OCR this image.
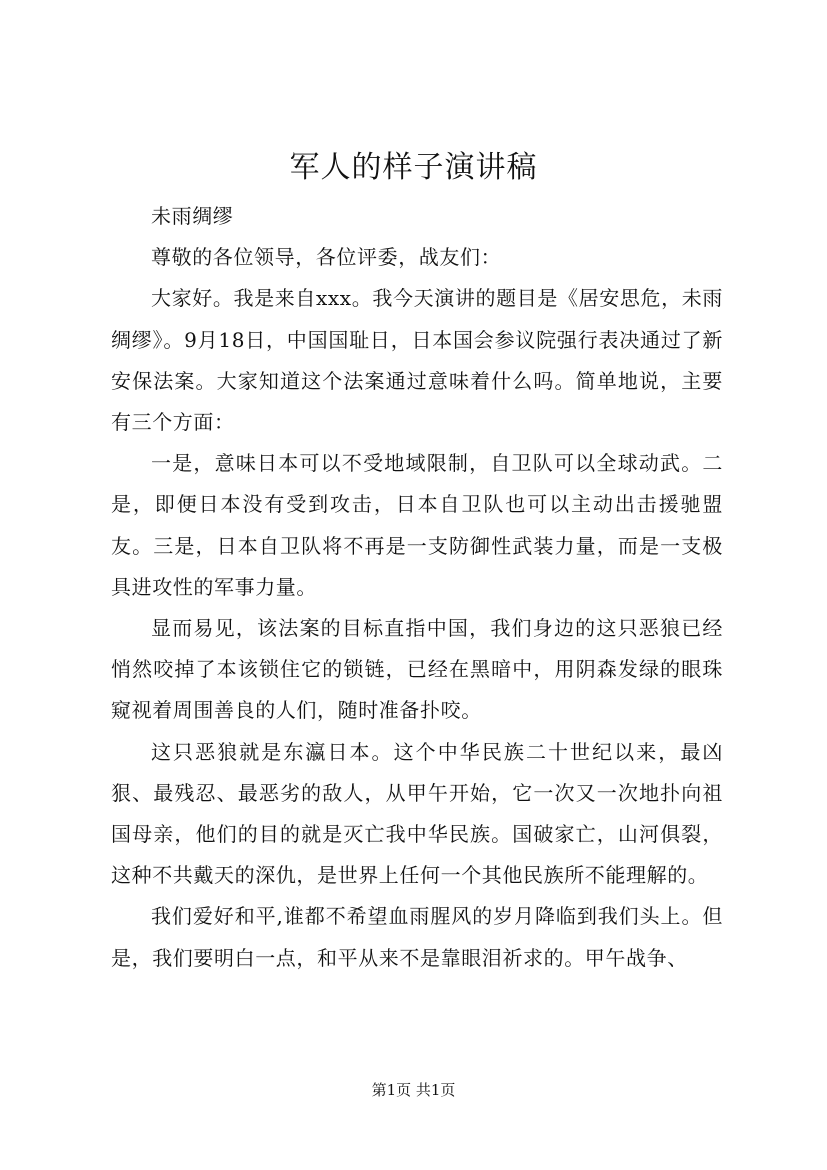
军人的样子演讲稿

未雨绸缪

尊敬的各位领导，各位评委，战友们：

大家好。我是来自xxx。我今天演讲的题目是《居安思危，未雨绸缪》。9月18日，中国国耻日，日本国会参议院强行表决通过了新安保法案。大家知道这个法案通过意味着什么吗。简单地说，主要有三个方面：

一是，意味日本可以不受地域限制，自卫队可以全球动武。二是，即便日本没有受到攻击，日本自卫队也可以主动出击援驰盟友。三是，日本自卫队将不再是一支防御性武装力量，而是一支极具进攻性的军事力量。

显而易见，该法案的目标直指中国，我们身边的这只恶狼已经悄然咬掉了本该锁住它的锁链，已经在黑暗中，用阴森发绿的眼珠窥视着周围善良的人们，随时准备扑咬。

这只恶狼就是东瀛日本。这个中华民族二十世纪以来，最凶狠、最残忍、最恶劣的敌人，从甲午开始，它一次又一次地扑向祖国母亲，他们的目的就是灭亡我中华民族。国破家亡，山河俱裂，这种不共戴天的深仇，是世界上任何一个其他民族所不能理解的。

我们爱好和平,谁都不希望血雨腥风的岁月降临到我们头上。但是，我们要明白一点，和平从来不是靠眼泪祈求的。甲午战争、

第1页 共1页
